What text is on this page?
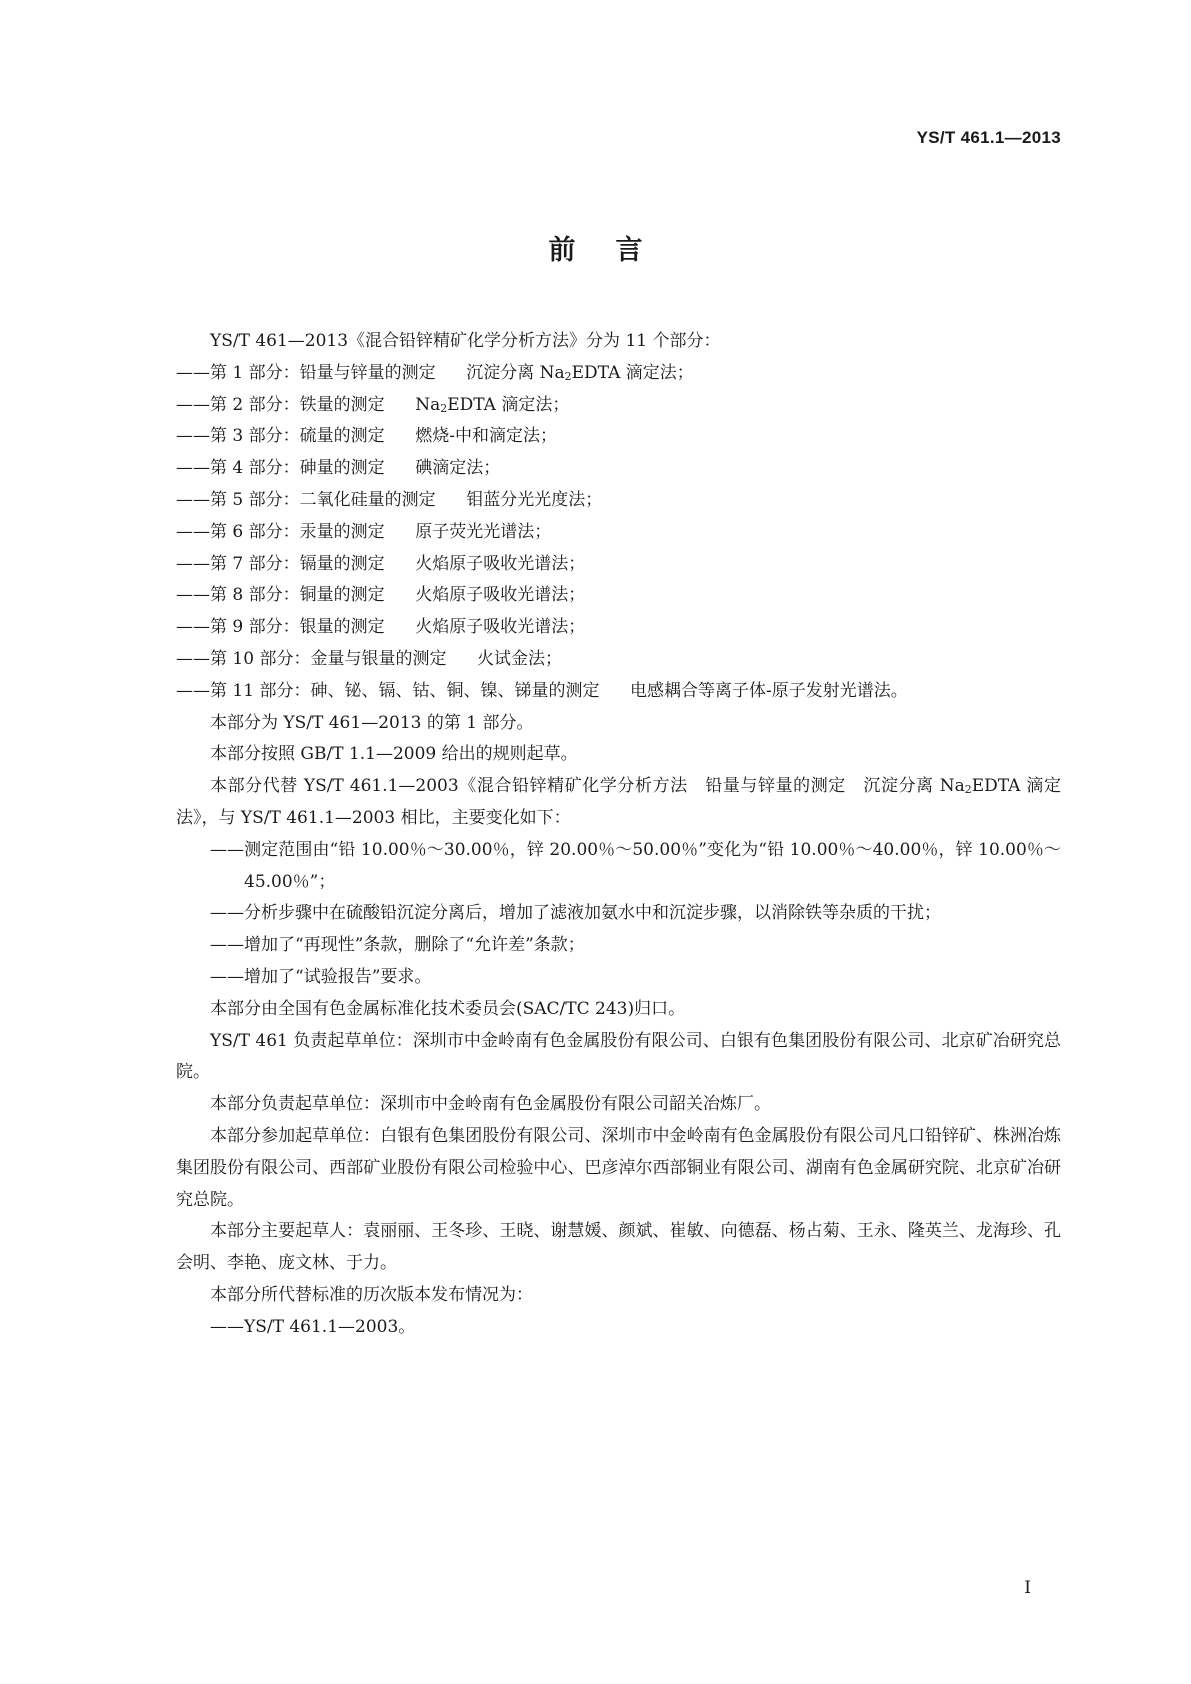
YS/T 461.1—2013
前言
YS/T 461—2013《混合铅锌精矿化学分析方法》分为 11 个部分：
——第 1 部分：铅量与锌量的测定 沉淀分离 $Na_2EDTA$ 滴定法；
——第 2 部分：铁量的测定 $Na_2EDTA$ 滴定法；
——第 3 部分：硫量的测定 燃烧-中和滴定法；
——第 4 部分：砷量的测定 碘滴定法；
——第 5 部分：二氧化硅量的测定 钼蓝分光光度法；
——第 6 部分：汞量的测定 原子荧光光谱法；
——第 7 部分：镉量的测定 火焰原子吸收光谱法；
——第 8 部分：铜量的测定 火焰原子吸收光谱法；
——第 9 部分：银量的测定 火焰原子吸收光谱法；
——第 10 部分：金量与银量的测定 火试金法；
——第 11 部分：砷、铋、镉、钴、铜、镍、锑量的测定 电感耦合等离子体-原子发射光谱法。
本部分为 YS/T 461—2013 的第 1 部分。
本部分按照 GB/T 1.1—2009 给出的规则起草。
本部分代替 YS/T 461.1—2003《混合铅锌精矿化学分析方法　铅量与锌量的测定　沉淀分离 $Na_2EDTA$ 滴定法》，与 YS/T 461.1—2003 相比，主要变化如下：
——测定范围由“铅 10.00％～30.00％，锌 20.00％～50.00％”变化为“铅 10.00％～40.00％，锌 10.00％～45.00％”；
——分析步骤中在硫酸铅沉淀分离后，增加了滤液加氨水中和沉淀步骤，以消除铁等杂质的干扰；
——增加了“再现性”条款，删除了“允许差”条款；
——增加了“试验报告”要求。
本部分由全国有色金属标准化技术委员会(SAC/TC 243)归口。
YS/T 461 负责起草单位：深圳市中金岭南有色金属股份有限公司、白银有色集团股份有限公司、北京矿冶研究总院。
本部分负责起草单位：深圳市中金岭南有色金属股份有限公司韶关冶炼厂。
本部分参加起草单位：白银有色集团股份有限公司、深圳市中金岭南有色金属股份有限公司凡口铅锌矿、株洲冶炼集团股份有限公司、西部矿业股份有限公司检验中心、巴彦淖尔西部铜业有限公司、湖南有色金属研究院、北京矿冶研究总院。
本部分主要起草人：袁丽丽、王冬珍、王晓、谢慧媛、颜斌、崔敏、向德磊、杨占菊、王永、隆英兰、龙海珍、孔会明、李艳、庞文林、于力。
本部分所代替标准的历次版本发布情况为：
——YS/T 461.1—2003。
I
